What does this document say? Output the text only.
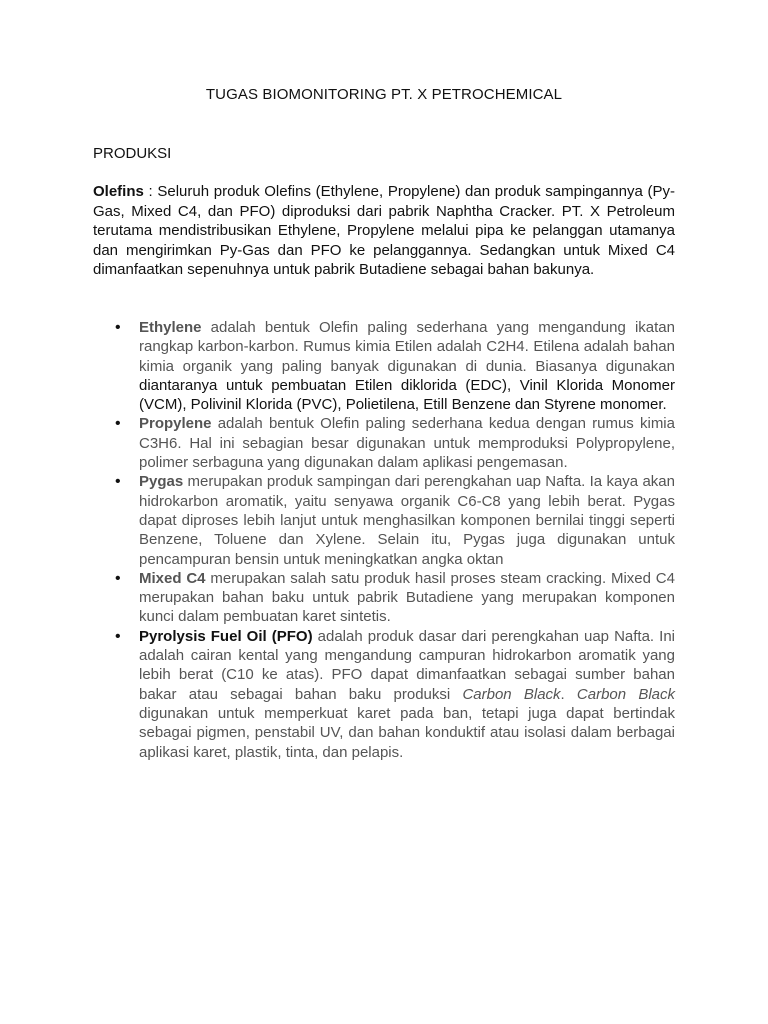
TUGAS BIOMONITORING PT. X PETROCHEMICAL
PRODUKSI

Olefins : Seluruh produk Olefins (Ethylene, Propylene) dan produk sampingannya (Py-Gas, Mixed C4, dan PFO) diproduksi dari pabrik Naphtha Cracker. PT. X Petroleum terutama mendistribusikan Ethylene, Propylene melalui pipa ke pelanggan utamanya dan mengirimkan Py-Gas dan PFO ke pelanggannya. Sedangkan untuk Mixed C4 dimanfaatkan sepenuhnya untuk pabrik Butadiene sebagai bahan bakunya.

• Ethylene adalah bentuk Olefin paling sederhana yang mengandung ikatan rangkap karbon-karbon. Rumus kimia Etilen adalah C2H4. Etilena adalah bahan kimia organik yang paling banyak digunakan di dunia. Biasanya digunakan diantaranya untuk pembuatan Etilen diklorida (EDC), Vinil Klorida Monomer (VCM), Polivinil Klorida (PVC), Polietilena, Etill Benzene dan Styrene monomer.
• Propylene adalah bentuk Olefin paling sederhana kedua dengan rumus kimia C3H6. Hal ini sebagian besar digunakan untuk memproduksi Polypropylene, polimer serbaguna yang digunakan dalam aplikasi pengemasan.
• Pygas merupakan produk sampingan dari perengkahan uap Nafta. Ia kaya akan hidrokarbon aromatik, yaitu senyawa organik C6-C8 yang lebih berat. Pygas dapat diproses lebih lanjut untuk menghasilkan komponen bernilai tinggi seperti Benzene, Toluene dan Xylene. Selain itu, Pygas juga digunakan untuk pencampuran bensin untuk meningkatkan angka oktan
• Mixed C4 merupakan salah satu produk hasil proses steam cracking. Mixed C4 merupakan bahan baku untuk pabrik Butadiene yang merupakan komponen kunci dalam pembuatan karet sintetis.
• Pyrolysis Fuel Oil (PFO) adalah produk dasar dari perengkahan uap Nafta. Ini adalah cairan kental yang mengandung campuran hidrokarbon aromatik yang lebih berat (C10 ke atas). PFO dapat dimanfaatkan sebagai sumber bahan bakar atau sebagai bahan baku produksi Carbon Black. Carbon Black digunakan untuk memperkuat karet pada ban, tetapi juga dapat bertindak sebagai pigmen, penstabil UV, dan bahan konduktif atau isolasi dalam berbagai aplikasi karet, plastik, tinta, dan pelapis.
